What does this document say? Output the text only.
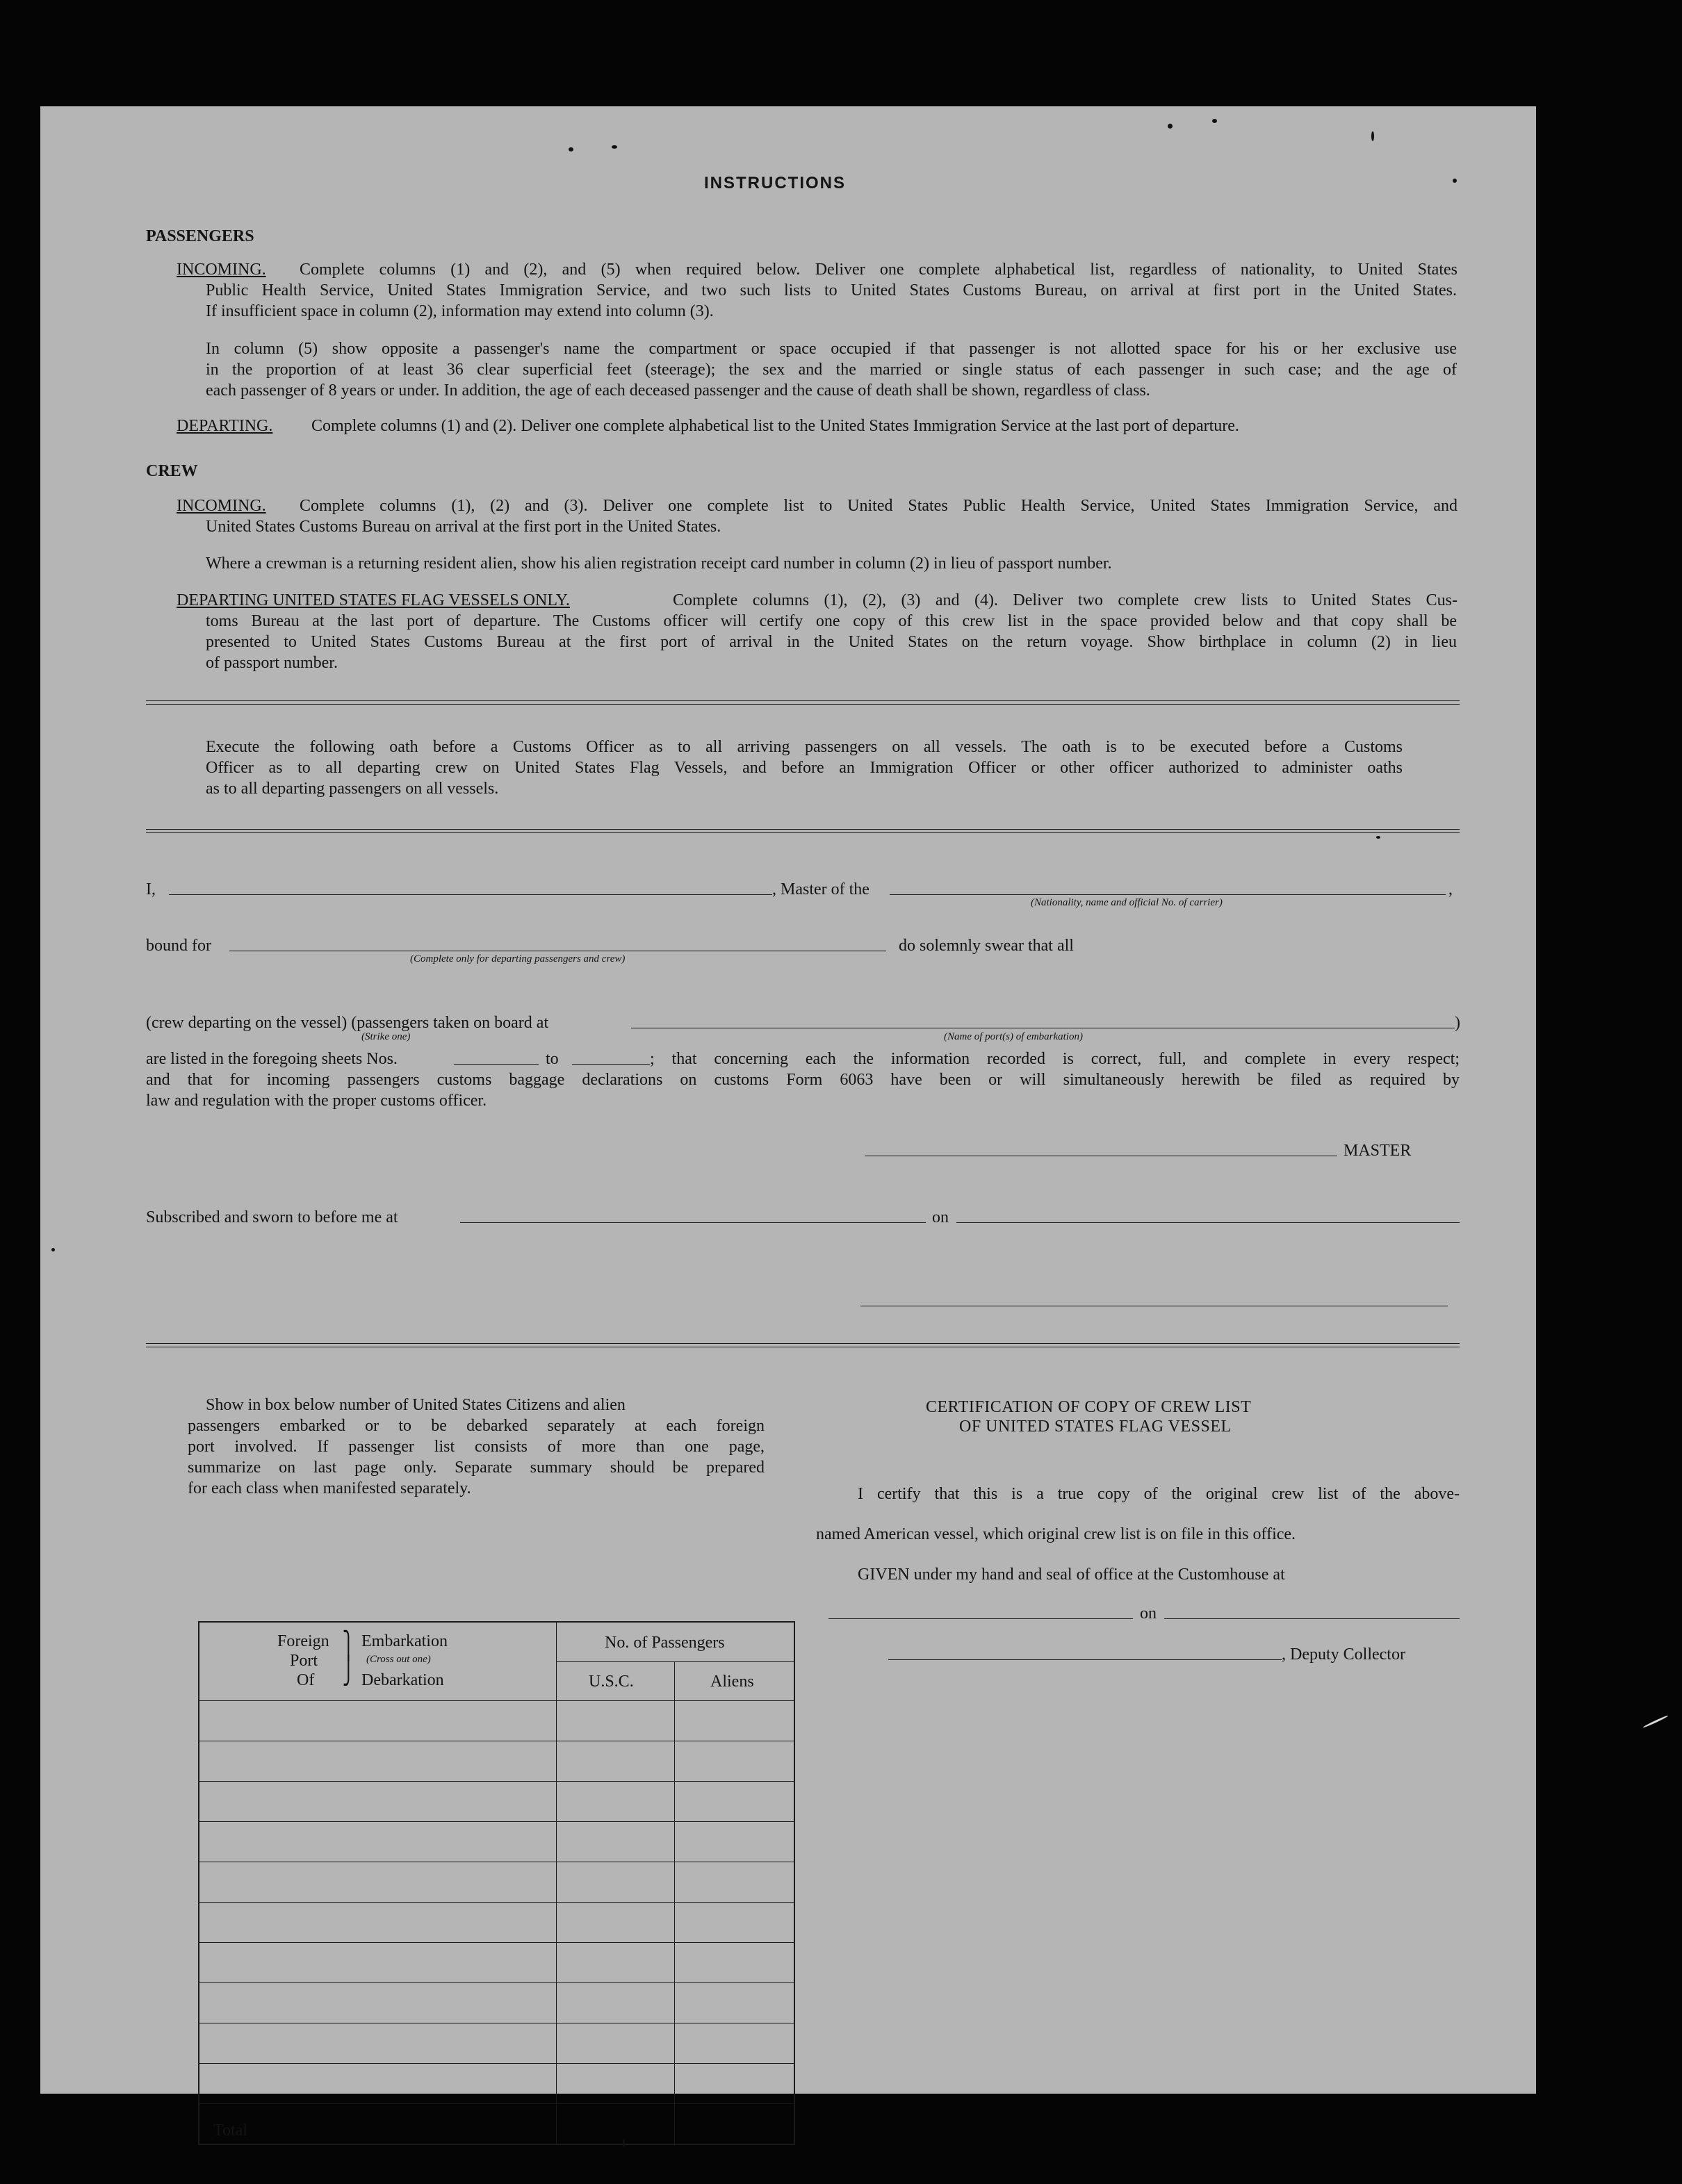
INSTRUCTIONS
PASSENGERS
INCOMING. Complete columns (1) and (2), and (5) when required below. Deliver one complete alphabetical list, regardless of nationality, to United States
Public Health Service, United States Immigration Service, and two such lists to United States Customs Bureau, on arrival at first port in the United States.
If insufficient space in column (2), information may extend into column (3).
In column (5) show opposite a passenger's name the compartment or space occupied if that passenger is not allotted space for his or her exclusive use
in the proportion of at least 36 clear superficial feet (steerage); the sex and the married or single status of each passenger in such case; and the age of
each passenger of 8 years or under. In addition, the age of each deceased passenger and the cause of death shall be shown, regardless of class.
DEPARTING. Complete columns (1) and (2). Deliver one complete alphabetical list to the United States Immigration Service at the last port of departure.
CREW
INCOMING. Complete columns (1), (2) and (3). Deliver one complete list to United States Public Health Service, United States Immigration Service, and
United States Customs Bureau on arrival at the first port in the United States.
Where a crewman is a returning resident alien, show his alien registration receipt card number in column (2) in lieu of passport number.
DEPARTING UNITED STATES FLAG VESSELS ONLY.	Complete columns (1), (2), (3) and (4). Deliver two complete crew lists to United States Cus-
toms Bureau at the last port of departure. The Customs officer will certify one copy of this crew list in the space provided below and that copy shall be
presented to United States Customs Bureau at the first port of arrival in the United States on the return voyage. Show birthplace in column (2) in lieu
of passport number.
Execute the following oath before a Customs Officer as to all arriving passengers on all vessels. The oath is to be executed before a Customs
Officer as to all departing crew on United States Flag Vessels, and before an Immigration Officer or other officer authorized to administer oaths
as to all departing passengers on all vessels.
I,	, Master of the	,
(Nationality, name and official No. of carrier)
bound for
(Complete only for departing passengers and crew)
do solemnly swear that all
(crew departing on the vessel) (passengers taken on board at	)
(Strike one)	(Name of port(s) of embarkation)
are listed in the foregoing sheets Nos.	to	; that concerning each the information recorded is correct, full, and complete in every respect;
and that for incoming passengers customs baggage declarations on customs Form 6063 have been or will simultaneously herewith be filed as required by
law and regulation with the proper customs officer.
MASTER
Subscribed and sworn to before me at	on
Show in box below number of United States Citizens and alien
passengers embarked or to be debarked separately at each foreign
port involved. If passenger list consists of more than one page,
summarize on last page only. Separate summary should be prepared
for each class when manifested separately.
Foreign
Port
Of
⎫
⎭
Embarkation
(Cross out one)
Debarkation
No. of Passengers
U.S.C.	Aliens
Total
CERTIFICATION OF COPY OF CREW LIST
OF UNITED STATES FLAG VESSEL
I certify that this is a true copy of the original crew list of the above-
named American vessel, which original crew list is on file in this office.
GIVEN under my hand and seal of office at the Customhouse at
on
, Deputy Collector
